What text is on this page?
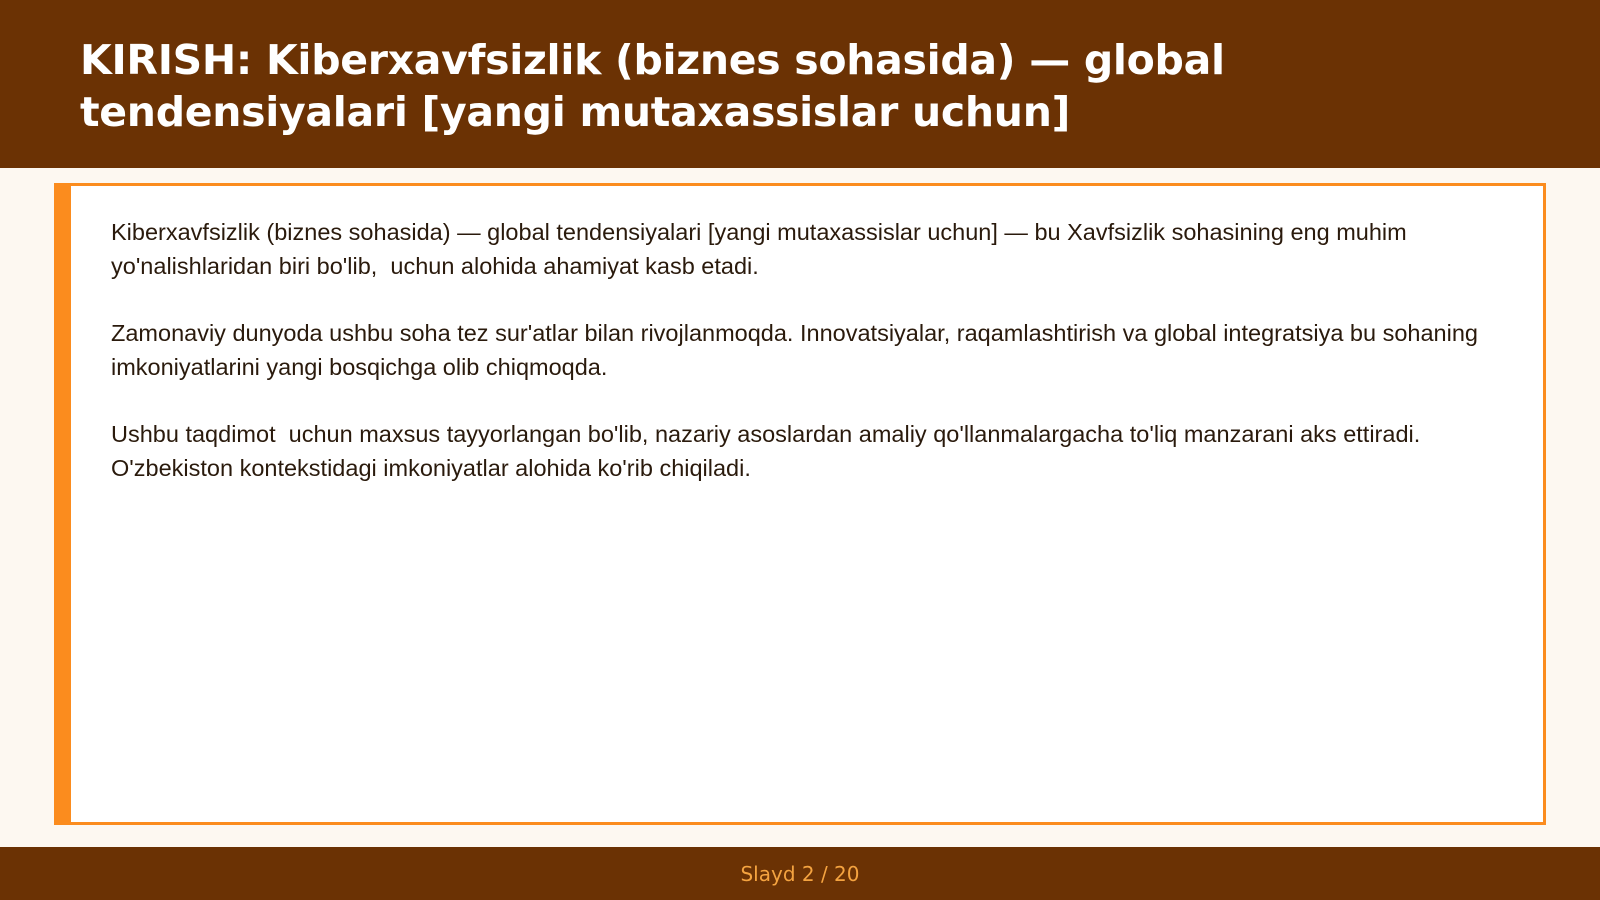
KIRISH: Kiberxavfsizlik (biznes sohasida) — global tendensiyalari [yangi mutaxassislar uchun]

Kiberxavfsizlik (biznes sohasida) — global tendensiyalari [yangi mutaxassislar uchun] — bu Xavfsizlik sohasining eng muhim yo'nalishlaridan biri bo'lib,  uchun alohida ahamiyat kasb etadi.

Zamonaviy dunyoda ushbu soha tez sur'atlar bilan rivojlanmoqda. Innovatsiyalar, raqamlashtirish va global integratsiya bu sohaning imkoniyatlarini yangi bosqichga olib chiqmoqda.

Ushbu taqdimot  uchun maxsus tayyorlangan bo'lib, nazariy asoslardan amaliy qo'llanmalargacha to'liq manzarani aks ettiradi. O'zbekiston kontekstidagi imkoniyatlar alohida ko'rib chiqiladi.

Slayd 2 / 20
